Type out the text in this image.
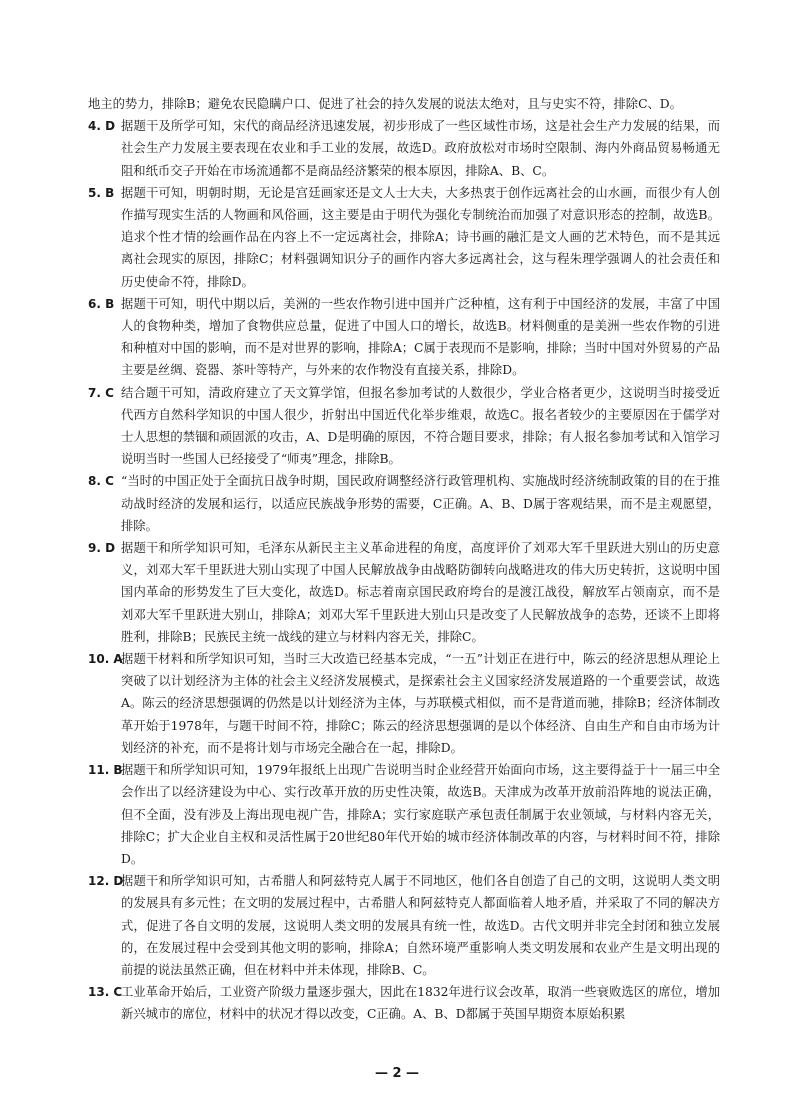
地主的势力，排除B；避免农民隐瞒户口、促进了社会的持久发展的说法太绝对，且与史实不符，排除C、D。

4. D 据题干及所学可知，宋代的商品经济迅速发展，初步形成了一些区域性市场，这是社会生产力发展的结果，而社会生产力发展主要表现在农业和手工业的发展，故选D。政府放松对市场时空限制、海内外商品贸易畅通无阻和纸币交子开始在市场流通都不是商品经济繁荣的根本原因，排除A、B、C。
5. B 据题干可知，明朝时期，无论是宫廷画家还是文人士大夫，大多热衷于创作远离社会的山水画，而很少有人创作描写现实生活的人物画和风俗画，这主要是由于明代为强化专制统治而加强了对意识形态的控制，故选B。追求个性才情的绘画作品在内容上不一定远离社会，排除A；诗书画的融汇是文人画的艺术特色，而不是其远离社会现实的原因，排除C；材料强调知识分子的画作内容大多远离社会，这与程朱理学强调人的社会责任和历史使命不符，排除D。
6. B 据题干可知，明代中期以后，美洲的一些农作物引进中国并广泛种植，这有利于中国经济的发展，丰富了中国人的食物种类，增加了食物供应总量，促进了中国人口的增长，故选B。材料侧重的是美洲一些农作物的引进和种植对中国的影响，而不是对世界的影响，排除A；C属于表现而不是影响，排除；当时中国对外贸易的产品主要是丝绸、瓷器、茶叶等特产，与外来的农作物没有直接关系，排除D。
7. C 结合题干可知，清政府建立了天文算学馆，但报名参加考试的人数很少，学业合格者更少，这说明当时接受近代西方自然科学知识的中国人很少，折射出中国近代化举步维艰，故选C。报名者较少的主要原因在于儒学对士人思想的禁锢和顽固派的攻击，A、D是明确的原因，不符合题目要求，排除；有人报名参加考试和入馆学习说明当时一些国人已经接受了“师夷”理念，排除B。
8. C “当时的中国正处于全面抗日战争时期，国民政府调整经济行政管理机构、实施战时经济统制政策的目的在于推动战时经济的发展和运行，以适应民族战争形势的需要，C正确。A、B、D属于客观结果，而不是主观愿望，排除。
9. D 据题干和所学知识可知，毛泽东从新民主主义革命进程的角度，高度评价了刘邓大军千里跃进大别山的历史意义，刘邓大军千里跃进大别山实现了中国人民解放战争由战略防御转向战略进攻的伟大历史转折，这说明中国国内革命的形势发生了巨大变化，故选D。标志着南京国民政府垮台的是渡江战役，解放军占领南京，而不是刘邓大军千里跃进大别山，排除A；刘邓大军千里跃进大别山只是改变了人民解放战争的态势，还谈不上即将胜利，排除B；民族民主统一战线的建立与材料内容无关，排除C。
10. A
据题干材料和所学知识可知，当时三大改造已经基本完成，“一五”计划正在进行中，陈云的经济思想从理论上突破了以计划经济为主体的社会主义经济发展模式，是探索社会主义国家经济发展道路的一个重要尝试，故选A。陈云的经济思想强调的仍然是以计划经济为主体，与苏联模式相似，而不是背道而驰，排除B；经济体制改革开始于1978年，与题干时间不符，排除C；陈云的经济思想强调的是以个体经济、自由生产和自由市场为计划经济的补充，而不是将计划与市场完全融合在一起，排除D。
11. B
据题干和所学知识可知，1979年报纸上出现广告说明当时企业经营开始面向市场，这主要得益于十一届三中全会作出了以经济建设为中心、实行改革开放的历史性决策，故选B。天津成为改革开放前沿阵地的说法正确，但不全面，没有涉及上海出现电视广告，排除A；实行家庭联产承包责任制属于农业领域，与材料内容无关，排除C；扩大企业自主权和灵活性属于20世纪80年代开始的城市经济体制改革的内容，与材料时间不符，排除D。
12. D
据题干和所学知识可知，古希腊人和阿兹特克人属于不同地区，他们各自创造了自己的文明，这说明人类文明的发展具有多元性；在文明的发展过程中，古希腊人和阿兹特克人都面临着人地矛盾，并采取了不同的解决方式，促进了各自文明的发展，这说明人类文明的发展具有统一性，故选D。古代文明并非完全封闭和独立发展的，在发展过程中会受到其他文明的影响，排除A；自然环境严重影响人类文明发展和农业产生是文明出现的前提的说法虽然正确，但在材料中并未体现，排除B、C。
13. C
工业革命开始后，工业资产阶级力量逐步强大，因此在1832年进行议会改革，取消一些衰败选区的席位，增加新兴城市的席位，材料中的状况才得以改变，C正确。A、B、D都属于英国早期资本原始积累
— 2 —
